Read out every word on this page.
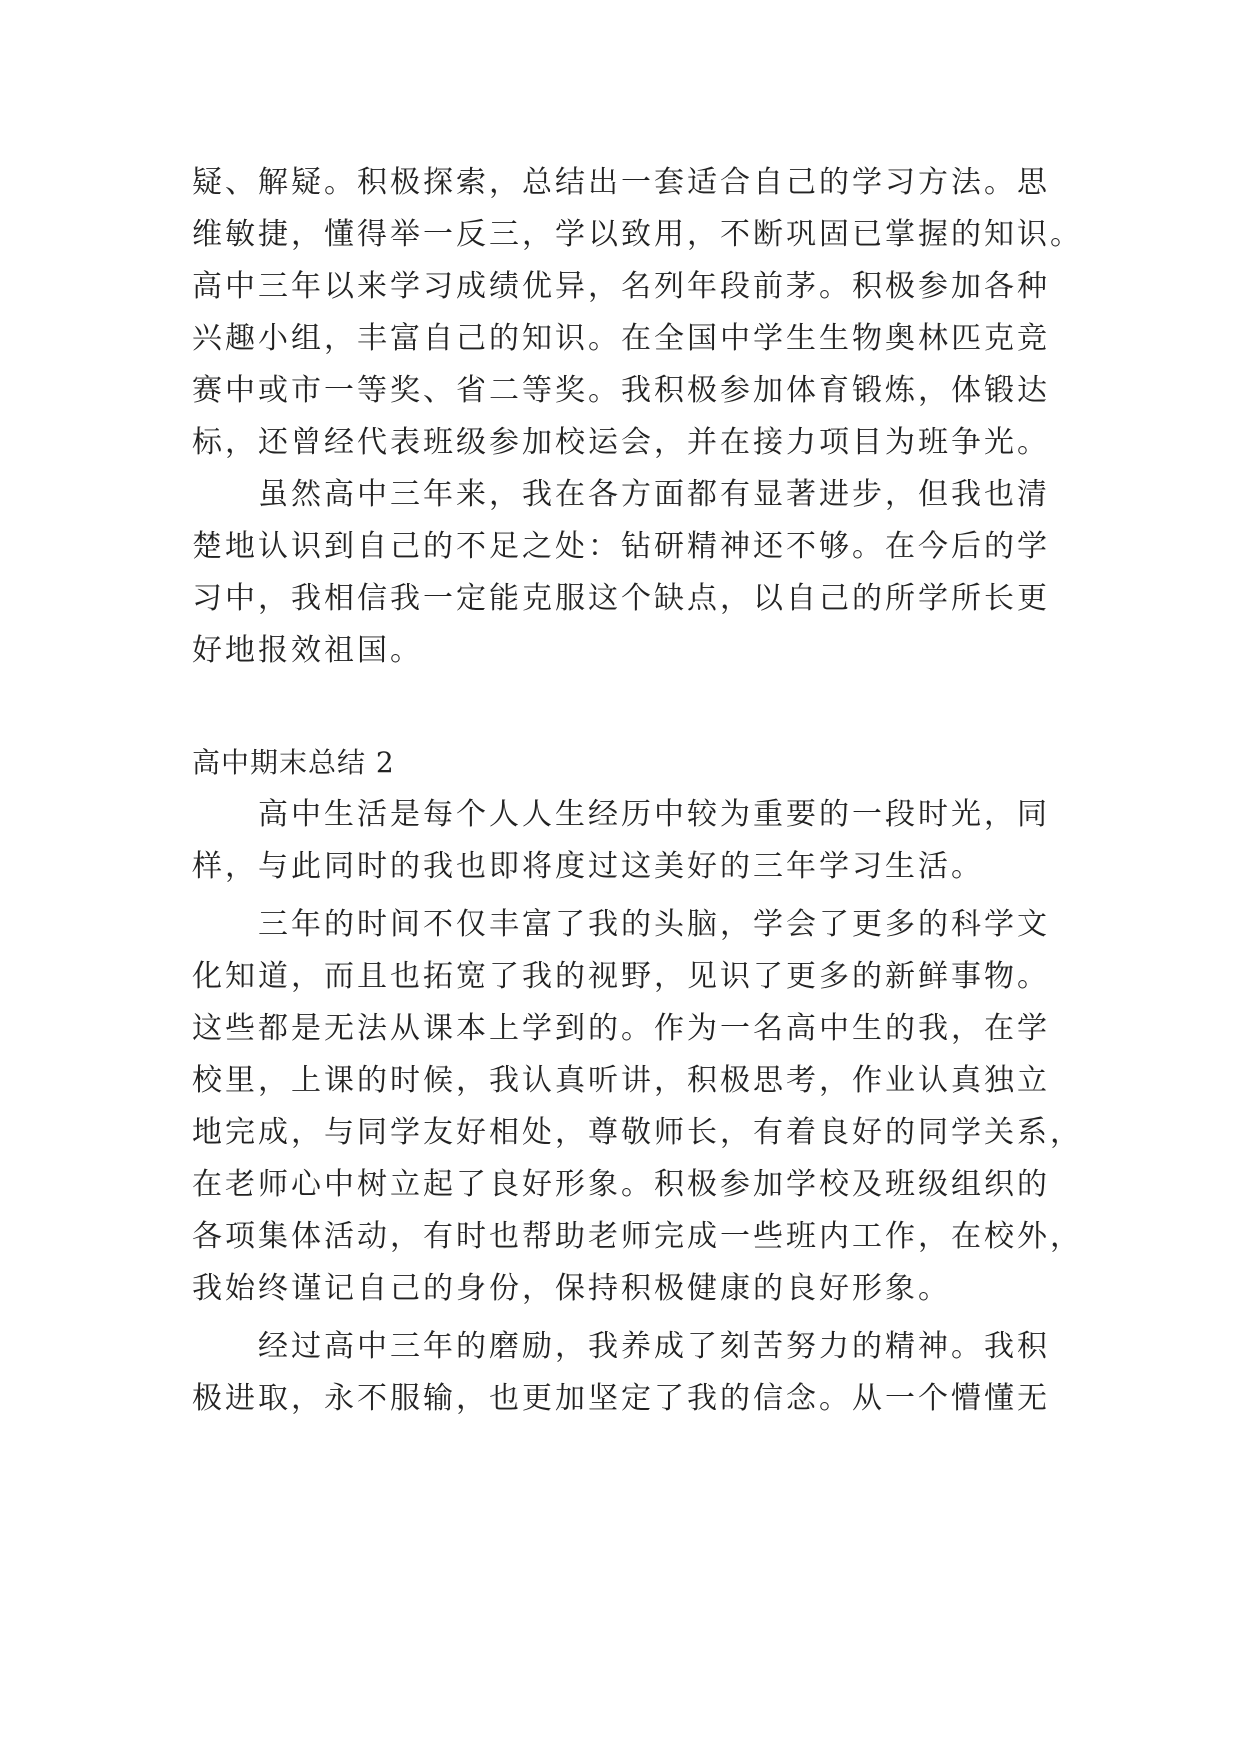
疑、解疑。积极探索，总结出一套适合自己的学习方法。思
维敏捷，懂得举一反三，学以致用，不断巩固已掌握的知识。
高中三年以来学习成绩优异，名列年段前茅。积极参加各种
兴趣小组，丰富自己的知识。在全国中学生生物奥林匹克竞
赛中或市一等奖、省二等奖。我积极参加体育锻炼，体锻达
标，还曾经代表班级参加校运会，并在接力项目为班争光。
虽然高中三年来，我在各方面都有显著进步，但我也清
楚地认识到自己的不足之处：钻研精神还不够。在今后的学
习中，我相信我一定能克服这个缺点，以自己的所学所长更
好地报效祖国。
高中期末总结 2
高中生活是每个人人生经历中较为重要的一段时光，同
样，与此同时的我也即将度过这美好的三年学习生活。
三年的时间不仅丰富了我的头脑，学会了更多的科学文
化知道，而且也拓宽了我的视野，见识了更多的新鲜事物。
这些都是无法从课本上学到的。作为一名高中生的我，在学
校里，上课的时候，我认真听讲，积极思考，作业认真独立
地完成，与同学友好相处，尊敬师长，有着良好的同学关系，
在老师心中树立起了良好形象。积极参加学校及班级组织的
各项集体活动，有时也帮助老师完成一些班内工作，在校外，
我始终谨记自己的身份，保持积极健康的良好形象。
经过高中三年的磨励，我养成了刻苦努力的精神。我积
极进取，永不服输，也更加坚定了我的信念。从一个懵懂无
